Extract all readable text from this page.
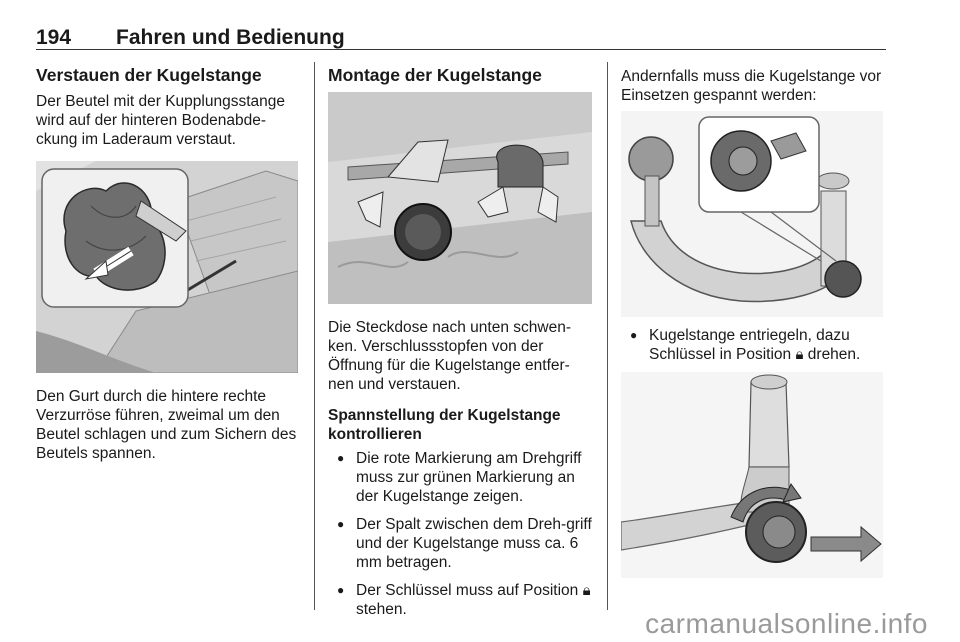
194 Fahren und Bedienung
Verstauen der Kugelstange

Der Beutel mit der Kupplungsstange wird auf der hinteren Bodenabde-ckung im Laderaum verstaut.

Den Gurt durch die hintere rechte Verzurröse führen, zweimal um den Beutel schlagen und zum Sichern des Beutels spannen.

Montage der Kugelstange

Die Steckdose nach unten schwen-ken. Verschlussstopfen von der Öffnung für die Kugelstange entfer-nen und verstauen.

Spannstellung der Kugelstange kontrollieren
● Die rote Markierung am Drehgriff muss zur grünen Markierung an der Kugelstange zeigen.
● Der Spalt zwischen dem Dreh-griff und der Kugelstange muss ca. 6 mm betragen.
● Der Schlüssel muss auf Position 🔒︎ stehen.

Andernfalls muss die Kugelstange vor Einsetzen gespannt werden:

● Kugelstange entriegeln, dazu Schlüssel in Position 🔒︎ drehen.
carmanualsonline.info
